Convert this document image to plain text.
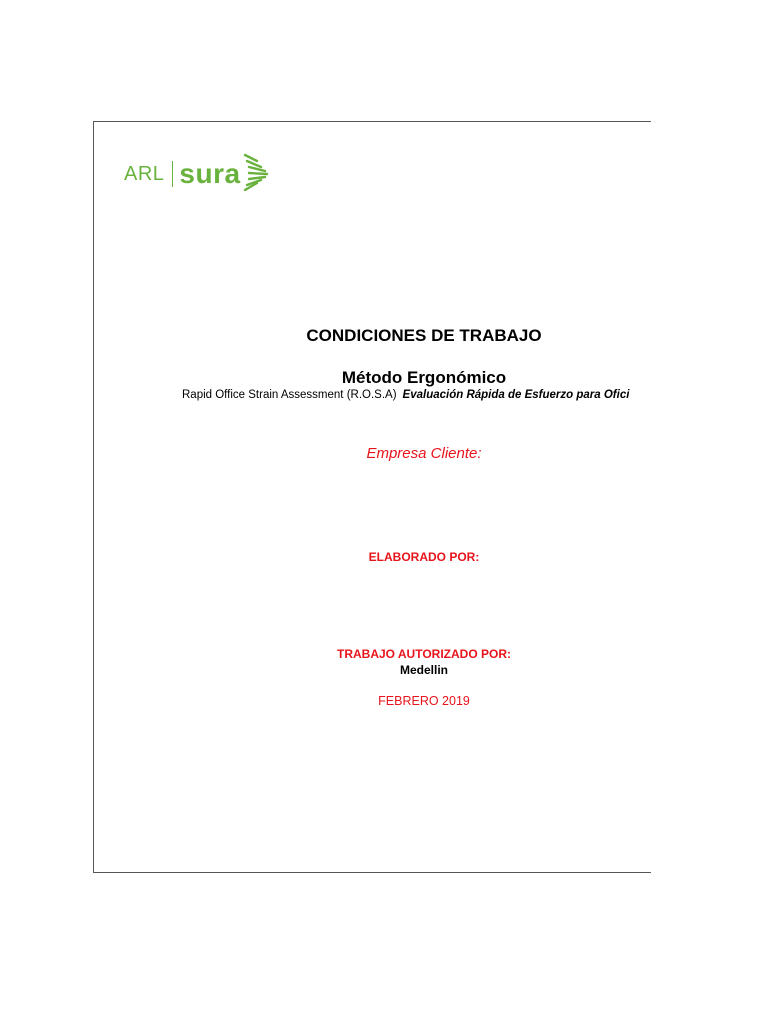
ARL sura
CONDICIONES DE TRABAJO
Método Ergonómico
Rapid Office Strain Assessment (R.O.S.A) Evaluación Rápida de Esfuerzo para Ofici
Empresa Cliente:
ELABORADO POR:
TRABAJO AUTORIZADO POR:
Medellin
FEBRERO 2019
